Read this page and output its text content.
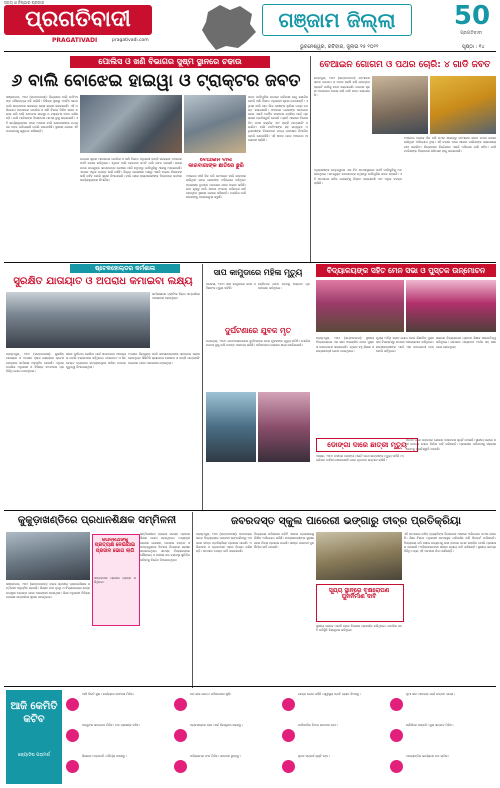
ପ୍ରଗତିବାଦୀ
ସତ୍ୟ ଓ ନିଷ୍ଠାର ପ୍ରତୀକ
PRAGATIVADI	pragativadi.com
ଗଞ୍ଜାମ ଜିଲ୍ଲା	50
ପ୍ରଗତିବାଦୀ
ଭୁବନେଶ୍ୱର, ରବିବାର, ଜୁଲାଇ ୧୫ ୨୦୨୨	ପୃଷ୍ଠା : ୧୪
ପୋଲିସ ଓ ଖଣି ବିଭାଗର ସୁଷ୍ମ ସ୍ଥାନରେ ଚଢାଉ
୬ ବାଲି ବୋଝେଇ ହାଇୱା ଓ ଟ୍ରାକ୍ଟର ଜବତ
ଭଞ୍ଜନଗର, ୨୭ା୬ (ସମ୍ବାଦଦାତା): ଜିଲ୍ଲାରେ ବାଲି ମାଫିଆଙ୍କ ଦୌରାତ୍ମ୍ୟ ବଢି ଚାଲିଛି। ବିଭିନ୍ନ ସ୍ଥାନରୁ ଅବୈଧ ଭାବେ ବାଲି ଉତ୍ତୋଳନ କରାଯାଇ ଚୋରା ଚାଲାଣ କରାଯାଉଛି। ଏହି ଅଭିଯୋଗ ଆଧାରରେ ପୋଲିସ ଓ ଖଣି ବିଭାଗ ମିଳିତ ଭାବେ ଚଢାଉ କରି ବାଲି ବୋଝେଇ ହାଇୱା ଓ ଟ୍ରାକ୍ଟର ଜବତ କରିଛନ୍ତି। ଗାଡି ମାଲିକଙ୍କ ବିରୋଧରେ ମାମଲା ରୁଜୁ କରାଯାଇଛି। ଏହି କାର୍ଯ୍ୟାନୁଷ୍ଠାନ ପରେ ଅଞ୍ଚଳର ବାଲି କାରବାରୀଙ୍କ ମଧ୍ୟରେ ଚହଳ ପଡିଯାଇଛି ବୋଲି ଜଣାପଡିଛି। ସ୍ଥାନୀୟ ଲୋକେ ଏହି ପଦକ୍ଷେପକୁ ସ୍ୱାଗତ କରିଛନ୍ତି।
ଗୋପନ ସୂଚନା ଆଧାରରେ ପୋଲିସ ଓ ଖଣି ବିଭାଗ ଅଧିକାରୀ ରାତ୍ରି ସମୟରେ ଅଞ୍ଚଳରେ ପହଞ୍ଚି ଚଢାଉ କରିଥିଲେ। ଏଥିରେ ବାଲି ବୋଝେଇ ଛଅଟି ଗାଡି ଜବତ ହୋଇଛି। ଚାଳକମାନେ ଉପଯୁକ୍ତ କାଗଜପତ୍ର ଦେଖାଇ ପାରି ନଥିବାରୁ ଗାଡିଗୁଡିକୁ ଥାନାକୁ ଅଣାଯାଇଛି। ଏନେଇ ଅଧିକ ତଦନ୍ତ ଜାରି ରହିଛି। ଜିଲ୍ଲା ପ୍ରଶାସନ ପକ୍ଷରୁ ଏଭଳି ଚଢାଉ ନିରନ୍ତର ଜାରି ରହିବ ବୋଲି ସୂଚନା ଦିଆଯାଇଛି। ବାଲି ଚୋରା ଚାଲାଣକାରୀଙ୍କ ବିରୋଧରେ କଠୋର କାର୍ଯ୍ୟାନୁଷ୍ଠାନ ନିଆଯିବ।
ବେଆଇନ ବାଲି କାରବାରୀଙ୍କ ଛାତିରେ ଛୁରି
ଅଞ୍ଚଳରେ ଦୀର୍ଘ ଦିନ ଧରି ବେଆଇନ ବାଲି କାରବାର ଚାଲିଥିବା ନେଇ ଲୋକଙ୍କ ଅଭିଯୋଗ ରହିଥିଲା। ପ୍ରଶାସନ ତୁରନ୍ତ ପଦକ୍ଷେପ ନେଇ ଚଢାଉ କରିଛି। ନଦୀ କୂଳରୁ ବାଲି ଉଠାଣ ଫଳରେ ପରିବେଶ କ୍ଷତି ହେଉଥିବା ସ୍ଥାନୀୟ ଲୋକେ କହିଛନ୍ତି। ପୋଲିସ ଗାଡି ଚାଳକଙ୍କୁ ପଚାରଉଚୁରା କରୁଛି।
ଜବତ ଗାଡିଗୁଡିକ ଉପରେ ଜରିମାନା ଲାଗୁ କରାଯିବ ବୋଲି ଖଣି ବିଭାଗ ଅଧିକାରୀ ସୂଚନା ଦେଇଛନ୍ତି। ଏଥିସହ ବାଲି ଘାଟ ଲିଜ ଧାରୀଙ୍କ ଭୂମିକା ମଧ୍ୟ ତଦନ୍ତ କରାଯାଉଛି। ଅଞ୍ଚଳରେ ଲୋକଙ୍କ ସହଯୋଗ ନେଇ ଏଭଳି ଅବୈଧ କାରବାର ରୋକିବା ପାଇଁ ପ୍ରଶାସନ ପ୍ରତିଶ୍ରୁତି ଦେଇଛି। ପ୍ରତି ଥାନାରେ ବିଶେଷ ଟିମ ଗଠନ କରାଯିବ ଏବଂ ରାତ୍ରି ପାଟ୍ରୋଲିଂ ବଢାଯିବ। ବାଲି ମାଫିଆଙ୍କ ସହ ସମ୍ପୃକ୍ତ ଅଧିକାରୀଙ୍କ ବିରୋଧରେ ମଧ୍ୟ ପଦକ୍ଷେପ ନିଆଯିବ ବୋଲି ଜଣାପଡିଛି। ଏହି ଖବର ପରେ ଅଞ୍ଚଳରେ ଆଲୋଚନା ଚାଲିଛି।
ବେଆଇନ ଗୋଗମ ଓ ପଥର ଚୋରି: ୪ ଗାଡି ଜବତ
ଛତ୍ରପୁର, ୨୭ା୬ (ସମ୍ବାଦଦାତା): ବେଆଇନ ଭାବେ ଗୋଗମ ଓ ପଥର ଚୋରି କରି ନେଉଥିବା ଚାରୋଟି ଗାଡିକୁ ଜବତ କରାଯାଇଛି। ଗୋପନ ସୂଚନା ଆଧାରରେ ଚଢାଉ କରି ଗାଡି ଜବତ କରାଯାଇଛି।
ଅଧିକାରୀଙ୍କ ନେତୃତ୍ୱରେ ଏକ ଟିମ ଘଟଣାସ୍ଥଳରେ ପହଞ୍ଚି ଗାଡିଗୁଡିକୁ ଅଟକାଇଥିଲେ। ଉପଯୁକ୍ତ କାଗଜପତ୍ର ନଥିବାରୁ ଗାଡିଗୁଡିକ ଜବତ ହୋଇଛି। ଏହି ଘଟଣାରେ ଜଡିତ ଲୋକଙ୍କୁ ଚିହ୍ନଟ କରାଯାଉଛି ଏବଂ ଅଧିକ ତଦନ୍ତ ଚାଲିଛି।
ଅଞ୍ଚଳରେ ଅନେକ ଦିନ ଧରି ପଥର ଖାଦାନରୁ ବେଆଇନ ଭାବେ ପଥର ଉଠାଣ ଚାଲିଥିବା ଅଭିଯୋଗ ଥିଲା। ଏହି ଚଢାଉ ପରେ ଖାଦାନ ମାଲିକଙ୍କ ଲାଇସେନ୍ସ ଯାଞ୍ଚ କରାଯିବ। ଜିଲ୍ଲାପାଳ ନିର୍ଦ୍ଦେଶରେ ଏଭଳି ଅଭିଯାନ ଜାରି ରହିବ। ଗାଡି ମାଲିକଙ୍କ ବିରୋଧରେ ଜରିମାନା ଲାଗୁ କରାଯାଇଛି।
ବିଦ୍ୟାଳୟଙ୍କ ସହିତ ମେନ ସଭା ଓ ପୁସ୍ତକ ଉନ୍ମୋଚନ
ବ୍ରହ୍ମପୁର, ୨୭ା୬ (ସମ୍ବାଦଦାତା): ସ୍ଥାନୀୟ ବିଦ୍ୟାଳୟରେ ଏକ ସଭା ଆୟୋଜିତ ହୋଇ ପୁସ୍ତକ ଉନ୍ମୋଚନ କରାଯାଇଛି। ଏଥିରେ ବହୁ ଶିକ୍ଷକ ଓ ଛାତ୍ରଛାତ୍ରୀ ଯୋଗ ଦେଇଥିଲେ।
ମୁଖ୍ୟ ଅତିଥି ଭାବେ ଯୋଗ ଦେଇ ଶିକ୍ଷାବିତ୍ ପୁସ୍ତକର ବିଷୟବସ୍ତୁ ଉପରେ ଆଲୋକପାତ କରିଥିଲେ। ଛାତ୍ରଛାତ୍ରୀଙ୍କ ପାଇଁ ଏହା ଉପଯୋଗୀ ହେବ ବୋଲି କହିଥିଲେ।
ସଭାରେ ବିଦ୍ୟାଳୟର ପ୍ରଧାନ ଶିକ୍ଷକ ସଭାପତିତ୍ୱ କରିଥିଲେ। ଶେଷରେ ଧନ୍ୟବାଦ ଅର୍ପଣ ସହ ସଭା ଶେଷ ହୋଇଥିଲା।
ଷ୍ଟେକହୋଲ୍ଡର କର୍ମଶାଳା
ସୁରକ୍ଷିତ ଯାତାୟାତ ଓ ଅପରାଧ କମାଇବା ଲକ୍ଷ୍ୟ
ବ୍ରହ୍ମପୁର, ୨୭ା୬ (ସମ୍ବାଦଦାତା): ସୁରକ୍ଷିତ ଯାତାୟାତ ଓ ଅପରାଧ ହ୍ରାସ ଲକ୍ଷ୍ୟରେ ଷ୍ଟେକହୋଲ୍ଡର କର୍ମଶାଳା ଅନୁଷ୍ଠିତ ହୋଇଛି। ଏଥିରେ ପୋଲିସ ଅଧିକାରୀ ଓ ବିଭିନ୍ନ ସଂଗଠନର ପ୍ରତିନିଧି ଯୋଗ ଦେଇଥିଲେ।
ସଡକ ଦୁର୍ଘଟଣା ରୋକିବା ପାଇଁ ସଚେତନତା ଆବଶ୍ୟକ ବୋଲି ବକ୍ତାମାନେ କହିଥିଲେ। ହେଲମେଟ ଓ ସିଟବେଲ୍ଟ ବ୍ୟବହାର ବାଧ୍ୟତାମୂଳକ କରିବା ଉପରେ ଗୁରୁତ୍ୱ ଦିଆଯାଇଥିଲା।
ଅପରାଧ ନିୟନ୍ତ୍ରଣ ପାଇଁ ଜନସାଧାରଣଙ୍କ ସହଯୋଗ ଲୋଡା ହୋଇଥିଲା। ସିସିଟିଭି କ୍ୟାମେରା ବସାଇବା ଓ ରାତ୍ରି ପାଟ୍ରୋଲିଂ ବଢାଇବା ନେଇ ଆଲୋଚନା ହୋଇଥିଲା।
କର୍ମଶାଳାରେ ଟ୍ରାଫିକ ନିୟମ ସମ୍ପର୍କରେ ଆଲୋଚନା ହୋଇଥିଲା।
ସାପ କାମୁଡାରେ ମହିଳା ମୃତ୍ୟୁ
କୋଦଳା, ୨୭ା୬: ସାପ କାମୁଡାରେ ଜଣେ ମହିଳାଙ୍କ ମୃତ୍ୟୁ ଘଟିଛି।
ହସ୍ପିଟାଲ ନେବା ବେଳକୁ ଡାକ୍ତର ମୃତ ଘୋଷଣା କରିଥିଲେ।
ଦୁର୍ଘଟଣାରେ ଯୁବକ ମୃତ
ଗୋଳନ୍ଥରା, ୨୭ା୬: ମୋଟରସାଇକେଲ ଦୁର୍ଘଟଣାରେ ଜଣେ ଯୁବକଙ୍କ ମୃତ୍ୟୁ ଘଟିଛି। ପୋଲିସ ମାମଲା ରୁଜୁ କରି ତଦନ୍ତ ଆରମ୍ଭ କରିଛି। ପରିବାରରେ ଶୋକର ଛାୟା ଖେଳିଯାଇଛି।
ଡୋଙ୍ଗା ଦାରେ ଛାତ୍ରୀ ମୃତ୍ୟୁ
ଆସ୍କା, ୨୭ା୬: ନଦୀରେ ଡୋଙ୍ଗା ଓଲଟି ଜଣେ ଛାତ୍ରୀଙ୍କ ମୃତ୍ୟୁ ଘଟିଛି। ଅଗ୍ନିଶମ ବାହିନୀ ଖୋଜାଖୋଜି ପରେ ମୃତଦେହ ଉଦ୍ଧାର କରିଛି।
ଘଟଣା ପରେ ଗ୍ରାମରେ ଶୋକର ବାତାବରଣ ସୃଷ୍ଟି ହୋଇଛି। ସ୍ଥାନୀୟ ଲୋକେ ନଦୀ ଉପରେ ପୋଲ ନିର୍ମାଣ ଦାବି କରିଛନ୍ତି। ପ୍ରଶାସନ ପରିବାରକୁ ସହାୟତା ଦେବାକୁ ପ୍ରତିଶ୍ରୁତି ଦେଇଛି।
କୁକୁଡ଼ାଖଣ୍ଡିରେ ପ୍ରଧାନଶିକ୍ଷକ ସମ୍ମିଳନୀ
ଭଞ୍ଜନଗର, ୨୭ା୬ (ସମ୍ବାଦଦାତା): ବ୍ଲକ ସ୍ତରୀୟ ପ୍ରଧାନଶିକ୍ଷକ ସମ୍ମିଳନୀ ଅନୁଷ୍ଠିତ ହୋଇଛି। ଶିକ୍ଷାର ମାନ ବୃଦ୍ଧି ଓ ବିଦ୍ୟାଳୟରେ ଛାତ୍ର ଉପସ୍ଥାନ ବଢାଇବା ନେଇ ଆଲୋଚନା ହୋଇଥିଲା। ଶିକ୍ଷା ଅଧିକାରୀ ବିଭିନ୍ନ ଯୋଜନା ସମ୍ପର୍କରେ ସୂଚନା ଦେଇଥିଲେ।
ଜଗନ୍ନାଥଙ୍କୁ ପ୍ରତ୍ୟକ୍ଷ ନେଇଯାଇ ପ୍ରସାଦ ଭୋଗ ଲାଗି
ଭକ୍ତମାନେ ପ୍ରସାଦ ଗ୍ରହଣ କରିଥିଲେ।
ସମ୍ମିଳନୀରେ ବ୍ଲକର ସମସ୍ତ ପ୍ରଧାନଶିକ୍ଷକ ଯୋଗ ଦେଇଥିଲେ। ମଧ୍ୟାହ୍ନ ଭୋଜନ ଯୋଜନା, ପୋଷାକ ବଣ୍ଟନ ଓ ପାଠ୍ୟପୁସ୍ତକ ବିତରଣ ବିଷୟରେ ସମୀକ୍ଷା କରାଯାଇଥିଲା। ସମସ୍ତ ବିଦ୍ୟାଳୟରେ ଶୌଚାଳୟ ଓ ପାନୀୟ ଜଳ ବ୍ୟବସ୍ଥା ସୁନିଶ୍ଚିତ କରିବାକୁ ନିର୍ଦ୍ଦେଶ ଦିଆଯାଇଥିଲା।
ଜବରଦସ୍ତ ସ୍କୁଲ ପାରେରୀ ଭଙ୍ଗାରୁ ତୀବ୍ର ପ୍ରତିକ୍ରିୟା
ବ୍ରହ୍ମପୁର, ୨୭ା୬ (ସମ୍ବାଦଦାତା): ଜବରଦସ୍ତ ଭାବେ ବିଦ୍ୟାଳୟର ପାଚେରୀ ଭଙ୍ଗାଯିବାରୁ ଅଞ୍ଚଳରେ ତୀବ୍ର ପ୍ରତିକ୍ରିୟା ପ୍ରକାଶ ପାଇଛି। ଅଭିଭାବକ ଓ ଗ୍ରାମବାସୀ ଏହାର ବିରୋଧ କରିଛନ୍ତି। ଘଟଣାର ତଦନ୍ତ ଦାବି କରାଯାଇଛି।
ବିଦ୍ୟାଳୟ ପରିଚାଳନା କମିଟି ଏନେଇ ପ୍ରଶାସନକୁ ଲିଖିତ ଅଭିଯୋଗ କରିଛି। ଛାତ୍ରଛାତ୍ରୀଙ୍କ ସୁରକ୍ଷା ନେଇ ଚିନ୍ତା ପ୍ରକାଶ ପାଇଛି। ଶୀଘ୍ର ପାଚେରୀ ପୁନର୍ନିର୍ମାଣ ଦାବି ହୋଇଛି।
ସୂର୍ଯ୍ୟ ସ୍ଥାନରେ ବୃକ୍ଷରୋପଣ ପୁନର୍ନିର୍ମାଣ ଦାବି
ସ୍ଥାନୀୟ ଲୋକେ ଏକାଠି ହୋଇ ବିକ୍ଷୋଭ ପ୍ରଦର୍ଶନ କରିଥିଲେ। ପୋଲିସ ପହଞ୍ଚି ପରିସ୍ଥିତି ନିୟନ୍ତ୍ରଣ କରିଥିଲା।
ଏହି ଘଟଣାରେ ଜଡିତ ବ୍ୟକ୍ତିଙ୍କ ବିରୋଧରେ ଥାନାରେ ଅଭିଯୋଗ ଦାଏର ହୋଇଛି। ଶିକ୍ଷା ବିଭାଗ ଅଧିକାରୀ ଘଟଣାସ୍ଥଳ ପରିଦର୍ଶନ କରି ରିପୋର୍ଟ ମାଗିଛନ୍ତି। ବିଦ୍ୟାଳୟ ଜମି ଦଖଲ ଉଦ୍ୟମକୁ କଡା ହାତରେ ଦମନ କରାଯିବ ବୋଲି ପ୍ରଶାସନ ଜଣାଇଛି। ଅଭିଭାବକମାନେ ଶୀଘ୍ର ନ୍ୟାୟ ଦାବି କରିଛନ୍ତି। ସ୍ଥାନୀୟ ଜନପ୍ରତିନିଧି ମଧ୍ୟ ଏହି ଘଟଣାର ନିନ୍ଦା କରିଛନ୍ତି।
ଆଜି କେମିତି କଟିବ
ଜ୍ୟୋତିଷ ପରାମର୍ଶ
ଆଜି ଦିନଟି ଶୁଭ। କାର୍ଯ୍ୟରେ ସଫଳତା ମିଳିବ।	ଧନ ଲାଭ ଯୋଗ। ପରିବାରରେ ଖୁସି।	ଯାତ୍ରା ଯୋଗ ରହିଛି। ସ୍ୱାସ୍ଥ୍ୟ ପ୍ରତି ଧ୍ୟାନ ଦିଅନ୍ତୁ।	ନୂଆ କାମ ଆରମ୍ଭ ପାଇଁ ଉତ୍ତମ ସମୟ।
ବନ୍ଧୁଙ୍କ ସହଯୋଗ ମିଳିବ। ମନ ପ୍ରସନ୍ନ ରହିବ।	ବ୍ୟବସାୟରେ ଲାଭ। ଖର୍ଚ୍ଚ ନିୟନ୍ତ୍ରଣ କରନ୍ତୁ।	ପାରିବାରିକ ବିବାଦ ସମାଧାନ ହେବ।	ଚାକିରିରେ ଉନ୍ନତି। ଶୁଭ ସମ୍ବାଦ ମିଳିବ।
ଶିକ୍ଷାରେ ଅଗ୍ରଗତି। ଧୈର୍ଯ୍ୟ ରଖନ୍ତୁ।	ପରିଶ୍ରମର ଫଳ ମିଳିବ। ସାବଧାନ ରୁହନ୍ତୁ।	ନୂତନ ସମ୍ପର୍କ ସୃଷ୍ଟି ହେବ।	ଆଧ୍ୟାତ୍ମିକ କାର୍ଯ୍ୟରେ ମନ ଲାଗିବ।
